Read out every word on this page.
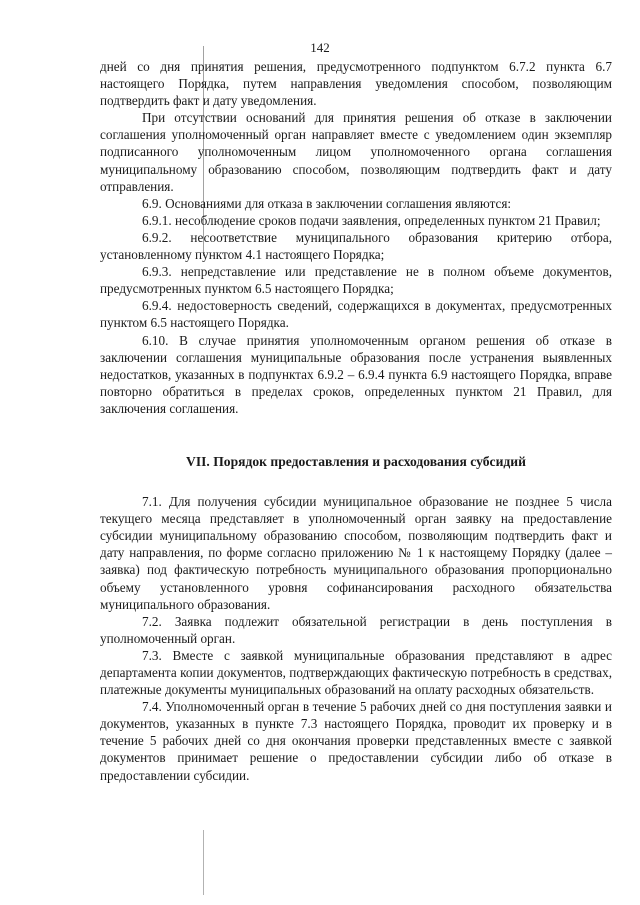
142

дней со дня принятия решения, предусмотренного подпунктом 6.7.2 пункта 6.7 настоящего Порядка, путем направления уведомления способом, позволяющим подтвердить факт и дату уведомления.

При отсутствии оснований для принятия решения об отказе в заключении соглашения уполномоченный орган направляет вместе с уведомлением один экземпляр подписанного уполномоченным лицом уполномоченного органа соглашения муниципальному образованию способом, позволяющим подтвердить факт и дату отправления.

6.9. Основаниями для отказа в заключении соглашения являются:

6.9.1. несоблюдение сроков подачи заявления, определенных пунктом 21 Правил;

6.9.2. несоответствие муниципального образования критерию отбора, установленному пунктом 4.1 настоящего Порядка;

6.9.3. непредставление или представление не в полном объеме документов, предусмотренных пунктом 6.5 настоящего Порядка;

6.9.4. недостоверность сведений, содержащихся в документах, предусмотренных пунктом 6.5 настоящего Порядка.

6.10. В случае принятия уполномоченным органом решения об отказе в заключении соглашения муниципальные образования после устранения выявленных недостатков, указанных в подпунктах 6.9.2 – 6.9.4 пункта 6.9 настоящего Порядка, вправе повторно обратиться в пределах сроков, определенных пунктом 21 Правил, для заключения соглашения.

VII. Порядок предоставления и расходования субсидий

7.1. Для получения субсидии муниципальное образование не позднее 5 числа текущего месяца представляет в уполномоченный орган заявку на предоставление субсидии муниципальному образованию способом, позволяющим подтвердить факт и дату направления, по форме согласно приложению № 1 к настоящему Порядку (далее – заявка) под фактическую потребность муниципального образования пропорционально объему установленного уровня софинансирования расходного обязательства муниципального образования.

7.2. Заявка подлежит обязательной регистрации в день поступления в уполномоченный орган.

7.3. Вместе с заявкой муниципальные образования представляют в адрес департамента копии документов, подтверждающих фактическую потребность в средствах, платежные документы муниципальных образований на оплату расходных обязательств.

7.4. Уполномоченный орган в течение 5 рабочих дней со дня поступления заявки и документов, указанных в пункте 7.3 настоящего Порядка, проводит их проверку и в течение 5 рабочих дней со дня окончания проверки представленных вместе с заявкой документов принимает решение о предоставлении субсидии либо об отказе в предоставлении субсидии.
